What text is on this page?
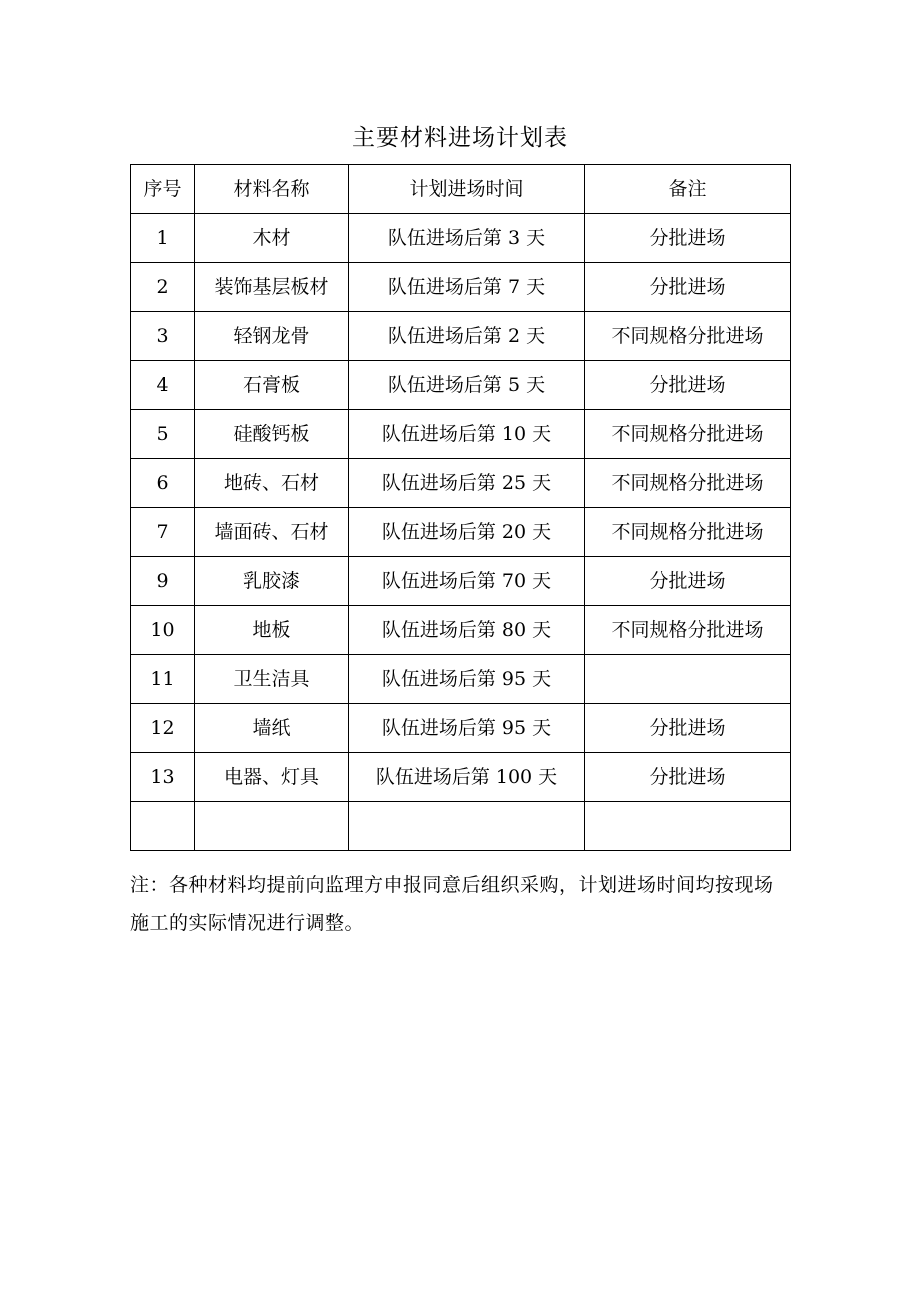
主要材料进场计划表
序号	材料名称	计划进场时间	备注
1	木材	队伍进场后第 3 天	分批进场
2	装饰基层板材	队伍进场后第 7 天	分批进场
3	轻钢龙骨	队伍进场后第 2 天	不同规格分批进场
4	石膏板	队伍进场后第 5 天	分批进场
5	硅酸钙板	队伍进场后第 10 天	不同规格分批进场
6	地砖、石材	队伍进场后第 25 天	不同规格分批进场
7	墙面砖、石材	队伍进场后第 20 天	不同规格分批进场
9	乳胶漆	队伍进场后第 70 天	分批进场
10	地板	队伍进场后第 80 天	不同规格分批进场
11	卫生洁具	队伍进场后第 95 天	
12	墙纸	队伍进场后第 95 天	分批进场
13	电器、灯具	队伍进场后第 100 天	分批进场

注：各种材料均提前向监理方申报同意后组织采购，计划进场时间均按现场施工的实际情况进行调整。
